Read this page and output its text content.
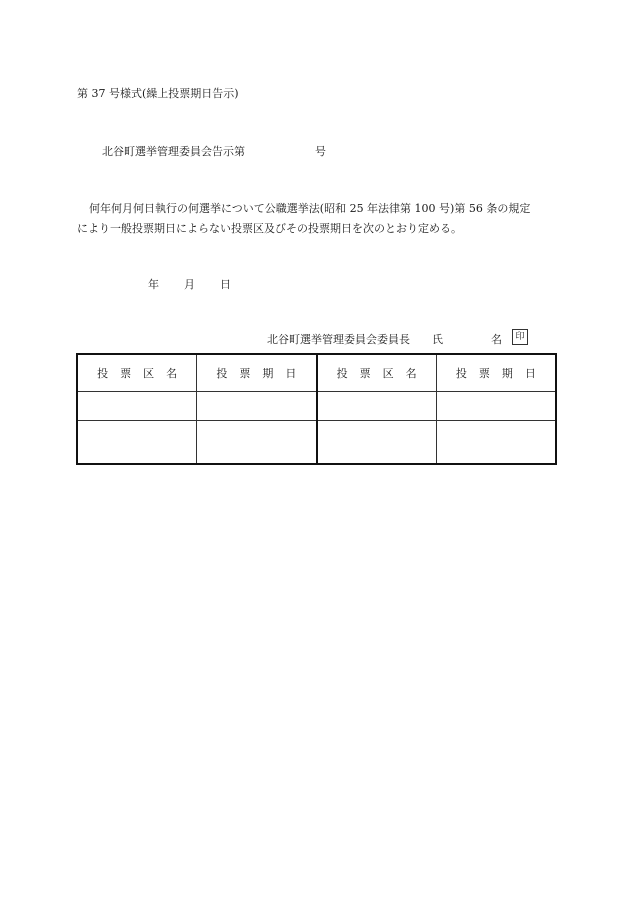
第 37 号様式(繰上投票期日告示)
北谷町選挙管理委員会告示第	号
何年何月何日執行の何選挙について公職選挙法(昭和 25 年法律第 100 号)第 56 条の規定
により一般投票期日によらない投票区及びその投票期日を次のとおり定める。
年 月 日
北谷町選挙管理委員会委員長 氏	名	印
投票区名	投票期日	投票区名	投票期日
